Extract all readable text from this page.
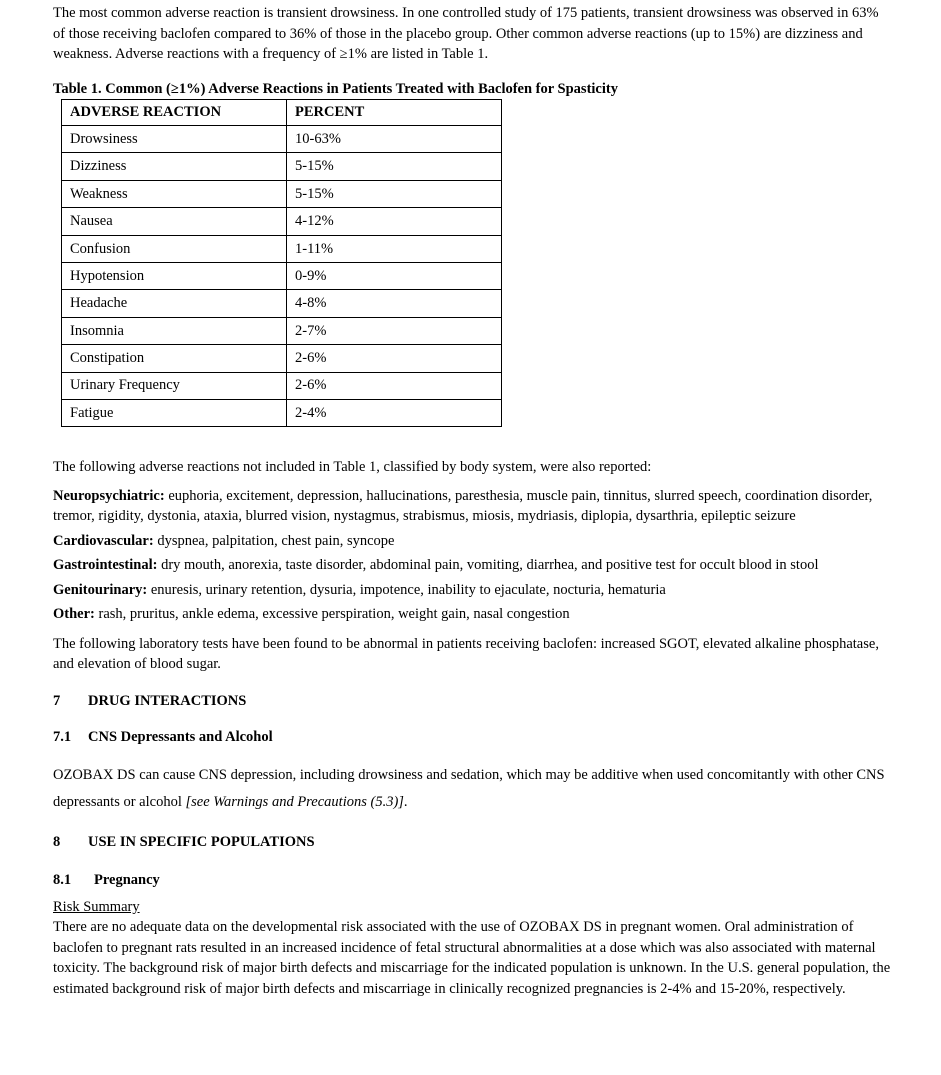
The most common adverse reaction is transient drowsiness. In one controlled study of 175 patients, transient drowsiness was observed in 63% of those receiving baclofen compared to 36% of those in the placebo group. Other common adverse reactions (up to 15%) are dizziness and weakness. Adverse reactions with a frequency of ≥1% are listed in Table 1.

Table 1. Common (≥1%) Adverse Reactions in Patients Treated with Baclofen for Spasticity

ADVERSE REACTION	PERCENT
Drowsiness	10-63%
Dizziness	5-15%
Weakness	5-15%
Nausea	4-12%
Confusion	1-11%
Hypotension	0-9%
Headache	4-8%
Insomnia	2-7%
Constipation	2-6%
Urinary Frequency	2-6%
Fatigue	2-4%

The following adverse reactions not included in Table 1, classified by body system, were also reported:

Neuropsychiatric: euphoria, excitement, depression, hallucinations, paresthesia, muscle pain, tinnitus, slurred speech, coordination disorder, tremor, rigidity, dystonia, ataxia, blurred vision, nystagmus, strabismus, miosis, mydriasis, diplopia, dysarthria, epileptic seizure

Cardiovascular: dyspnea, palpitation, chest pain, syncope

Gastrointestinal: dry mouth, anorexia, taste disorder, abdominal pain, vomiting, diarrhea, and positive test for occult blood in stool

Genitourinary: enuresis, urinary retention, dysuria, impotence, inability to ejaculate, nocturia, hematuria

Other: rash, pruritus, ankle edema, excessive perspiration, weight gain, nasal congestion

The following laboratory tests have been found to be abnormal in patients receiving baclofen: increased SGOT, elevated alkaline phosphatase, and elevation of blood sugar.

7	DRUG INTERACTIONS
7.1	CNS Depressants and Alcohol

OZOBAX DS can cause CNS depression, including drowsiness and sedation, which may be additive when used concomitantly with other CNS depressants or alcohol [see Warnings and Precautions (5.3)].

8	USE IN SPECIFIC POPULATIONS
8.1	Pregnancy

Risk Summary

There are no adequate data on the developmental risk associated with the use of OZOBAX DS in pregnant women. Oral administration of baclofen to pregnant rats resulted in an increased incidence of fetal structural abnormalities at a dose which was also associated with maternal toxicity. The background risk of major birth defects and miscarriage for the indicated population is unknown. In the U.S. general population, the estimated background risk of major birth defects and miscarriage in clinically recognized pregnancies is 2-4% and 15-20%, respectively.
